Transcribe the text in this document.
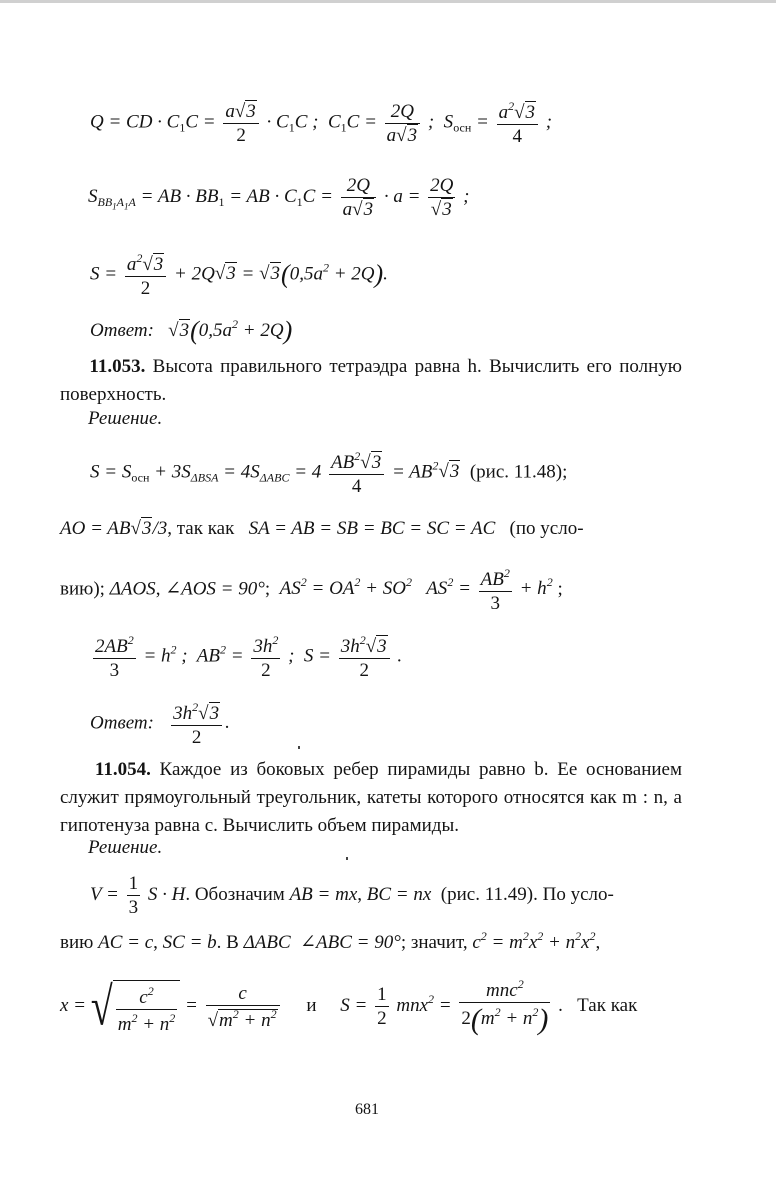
Q = CD · $C_1C = \frac{a√3}{2} \cdot C_1C$ ;  $C_1C = \frac{2Q}{a√3}$ ;  $S_{осн} = \frac{a^2√3}{4}$ ;
$S_{BB_1A_1A}$ = AB · $BB_1$ = AB · $C_1C = \frac{2Q}{a√3} \cdot a = \frac{2Q}{√3}$ ;
$S = \frac{a^2√3}{2} + 2Q√3 = √3(0,5a^2 + 2Q)$.
Ответ: $√3(0,5a^2 + 2Q)$
11.053. Высота правильного тетраэдра равна h. Вычислить его полную поверхность.
Решение.
$S = S_{осн} + 3S_{\Delta BSA} = 4S_{\Delta ABC} = 4 \frac{AB^2√3}{4} = AB^2√3$ (рис. 11.48);
AO = AB√3/3, так как SA = AB = SB = BC = SC = AC (по усло-
вию); ΔAOS, ∠AOS = 90°;  $AS^2 = OA^2 + SO^2$ $AS^2 = \frac{AB^2}{3} + h^2$ ;
$\frac{2AB^2}{3} = h^2$ ;  $AB^2 = \frac{3h^2}{2}$ ;  $S = \frac{3h^2√3}{2}$ .
Ответ: $\frac{3h^2√3}{2}$ .
11.054. Каждое из боковых ребер пирамиды равно b. Ее основанием служит прямоугольный треугольник, катеты которого относятся как m : n, а гипотенуза равна c. Вычислить объем пирамиды.
Решение.
$V = \frac{1}{3}$ S · H. Обозначим AB = mx, BC = nx (рис. 11.49). По усло-
вию AC = c, SC = b. В ΔABC ∠ABC = 90°; значит, $c^2 = m^2x^2 + n^2x^2$,
x = √ $\frac{c^2}{m^2 + n^2} = \frac{c}{√m^2 + n^2}$ и $S = \frac{1}{2} mnx^2 = \frac{mnc^2}{2(m^2 + n^2)}$ .   Так как
681
